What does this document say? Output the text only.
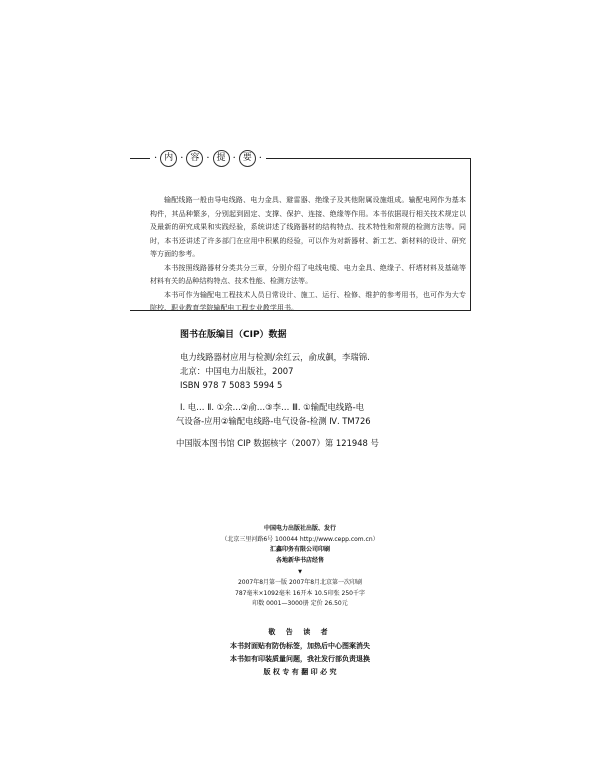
· 内 · 容 · 提 · 要 ·

输配线路一般由导电线路、电力金具、避雷器、绝缘子及其他附属设施组成。输配电网作为基本构件，其品种繁多，分别起到固定、支撑、保护、连接、绝缘等作用。本书依据现行相关技术规定以及最新的研究成果和实践经验，系统讲述了线路器材的结构特点、技术特性和常规的检测方法等。同时，本书还讲述了许多部门在应用中积累的经验，可以作为对新器材、新工艺、新材料的设计、研究等方面的参考。

本书按照线路器材分类共分三章，分别介绍了电线电缆、电力金具、绝缘子、杆塔材料及基础等材料有关的品种结构特点、技术性能、检测方法等。

本书可作为输配电工程技术人员日常设计、施工、运行、检修、维护的参考用书，也可作为大专院校、职业教育学院输配电工程专业教学用书。

图书在版编目（CIP）数据
电力线路器材应用与检测/余红云，俞成飙，李瑞锦.
北京：中国电力出版社，2007
ISBN 978 7 5083 5994 5
Ⅰ. 电… Ⅱ. ①余…②俞…③李… Ⅲ. ①输配电线路-电
气设备-应用②输配电线路-电气设备-检测 Ⅳ. TM726
中国版本图书馆 CIP 数据核字（2007）第 121948 号
中国电力出版社出版、发行
（北京三里河路6号 100044 http://www.cepp.com.cn）
汇鑫印务有限公司印刷
各地新华书店经售
▼
2007年8月第一版 2007年8月北京第一次印刷
787毫米×1092毫米 16开本 10.5印张 250千字
印数 0001—3000册 定价 26.50元
敬 告 读 者
本书封面贴有防伪标签，加热后中心图案消失
本书如有印装质量问题，我社发行部负责退换
版 权 专 有 翻 印 必 究
